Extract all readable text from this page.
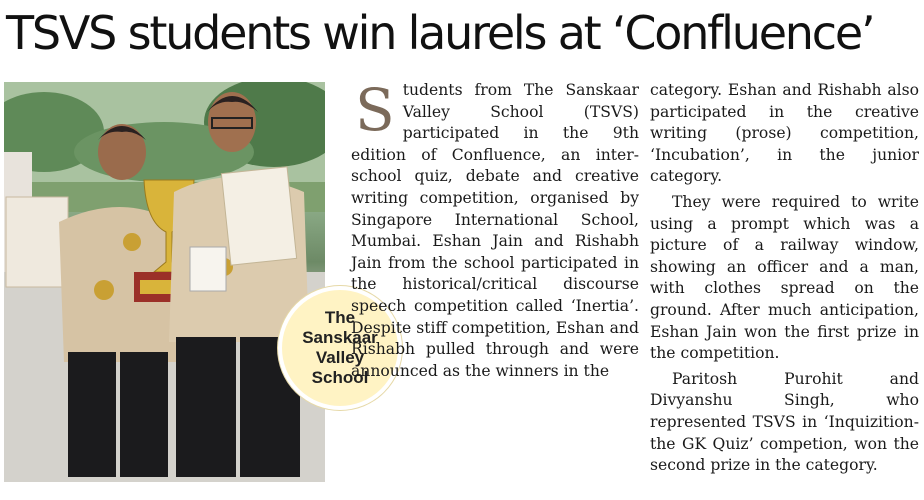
TSVS students win laurels at ‘Confluence’
The
Sanskaar
Valley
School
S tudents from The Sanskaar Valley School (TSVS) participated in the 9th edition of Confluence, an inter-school quiz, debate and creative writing competition, organised by Singapore International School, Mumbai. Eshan Jain and Rishabh Jain from the school participated in the historical/critical discourse speech competition called ‘Inertia’. Despite stiff competition, Eshan and Rishabh pulled through and were announced as the winners in the

category. Eshan and Rishabh also participated in the creative writing (prose) competition, ‘Incubation’, in the junior category.

They were required to write using a prompt which was a picture of a railway window, showing an officer and a man, with clothes spread on the ground. After much anticipation, Eshan Jain won the first prize in the competition.

Paritosh Purohit and Divyanshu Singh, who represented TSVS in ‘Inquizition-the GK Quiz’ competion, won the second prize in the category.
